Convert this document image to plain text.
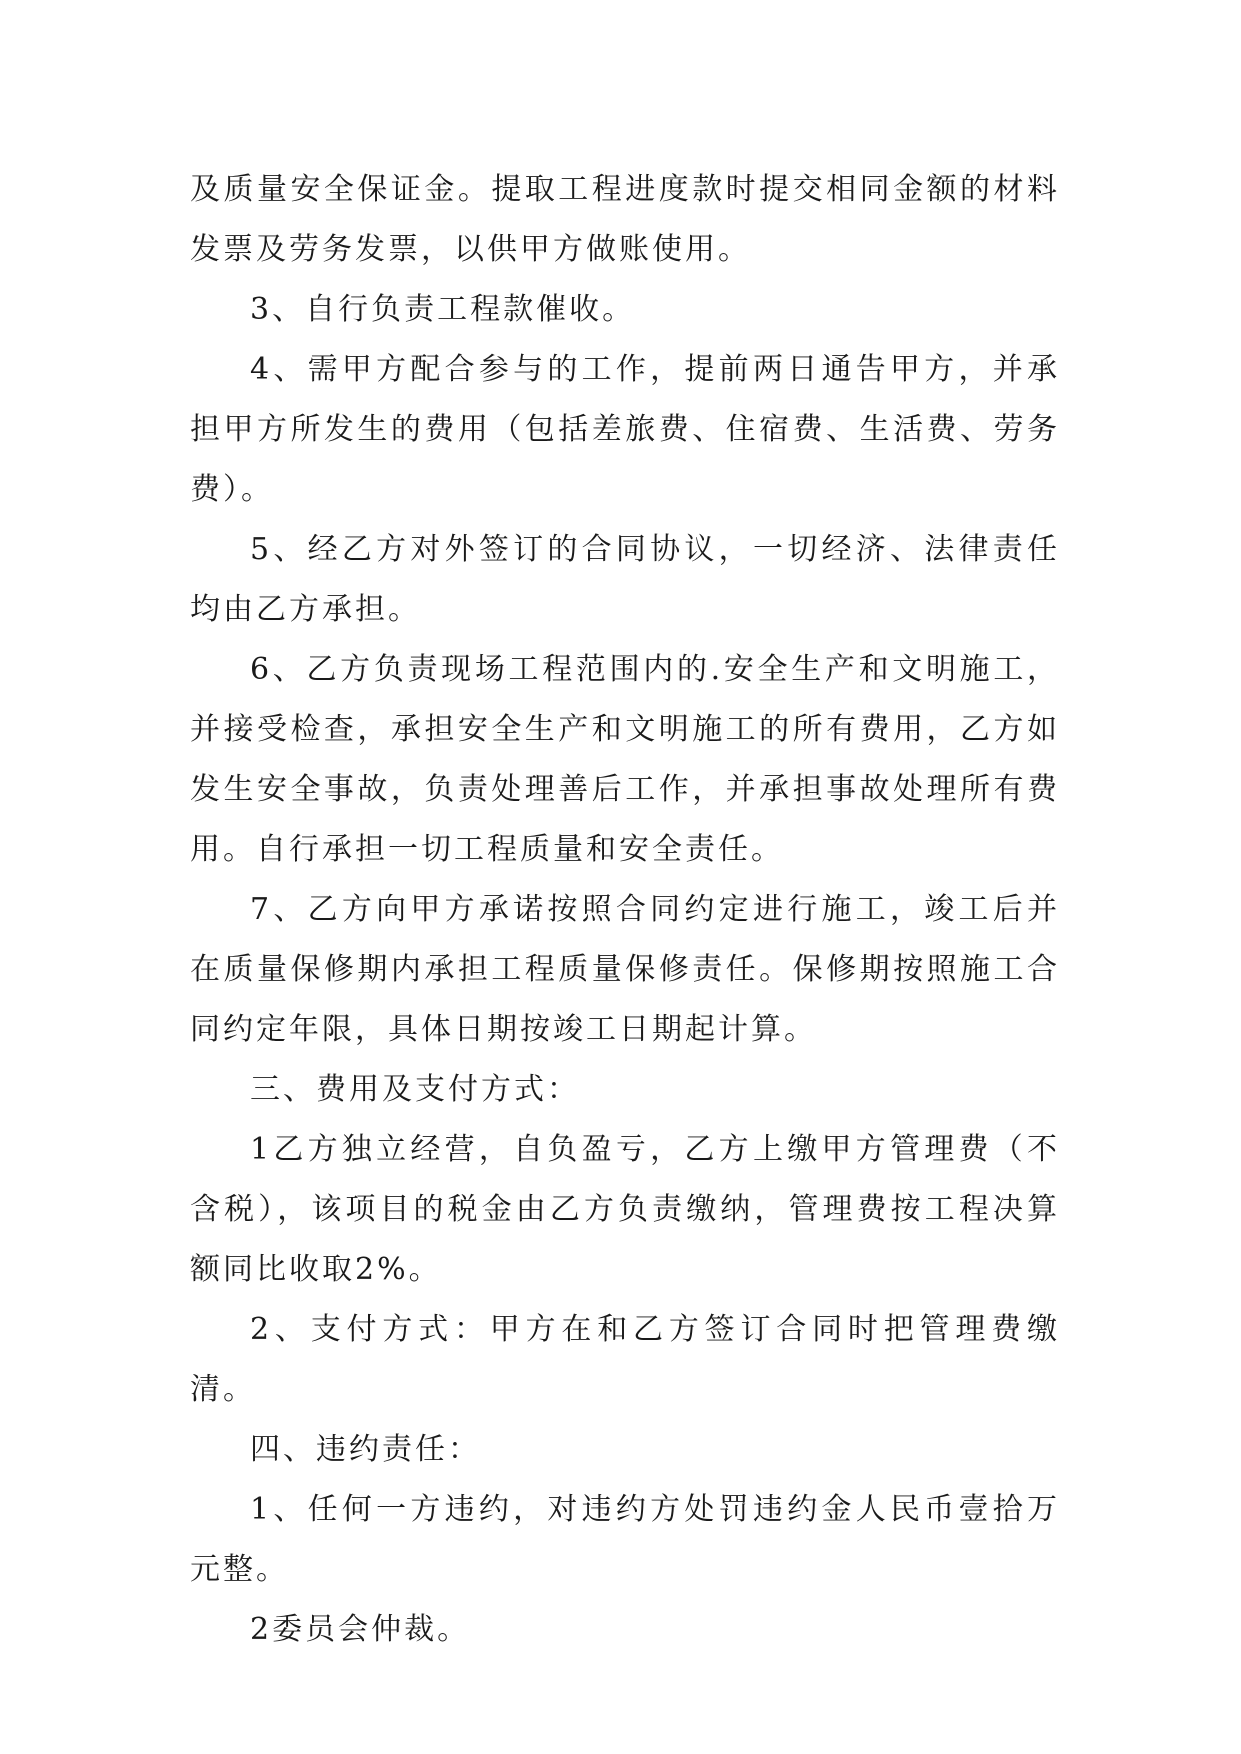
及质量安全保证金。提取工程进度款时提交相同金额的材料发票及劳务发票，以供甲方做账使用。

3、自行负责工程款催收。

4、需甲方配合参与的工作，提前两日通告甲方，并承担甲方所发生的费用（包括差旅费、住宿费、生活费、劳务费）。

5、经乙方对外签订的合同协议，一切经济、法律责任均由乙方承担。

6、乙方负责现场工程范围内的.安全生产和文明施工，并接受检查，承担安全生产和文明施工的所有费用，乙方如发生安全事故，负责处理善后工作，并承担事故处理所有费用。自行承担一切工程质量和安全责任。

7、乙方向甲方承诺按照合同约定进行施工，竣工后并在质量保修期内承担工程质量保修责任。保修期按照施工合同约定年限，具体日期按竣工日期起计算。

三、费用及支付方式：

1乙方独立经营，自负盈亏，乙方上缴甲方管理费（不含税），该项目的税金由乙方负责缴纳，管理费按工程决算额同比收取2%。

2、支付方式：甲方在和乙方签订合同时把管理费缴清。

四、违约责任：

1、任何一方违约，对违约方处罚违约金人民币壹拾万元整。

2委员会仲裁。
